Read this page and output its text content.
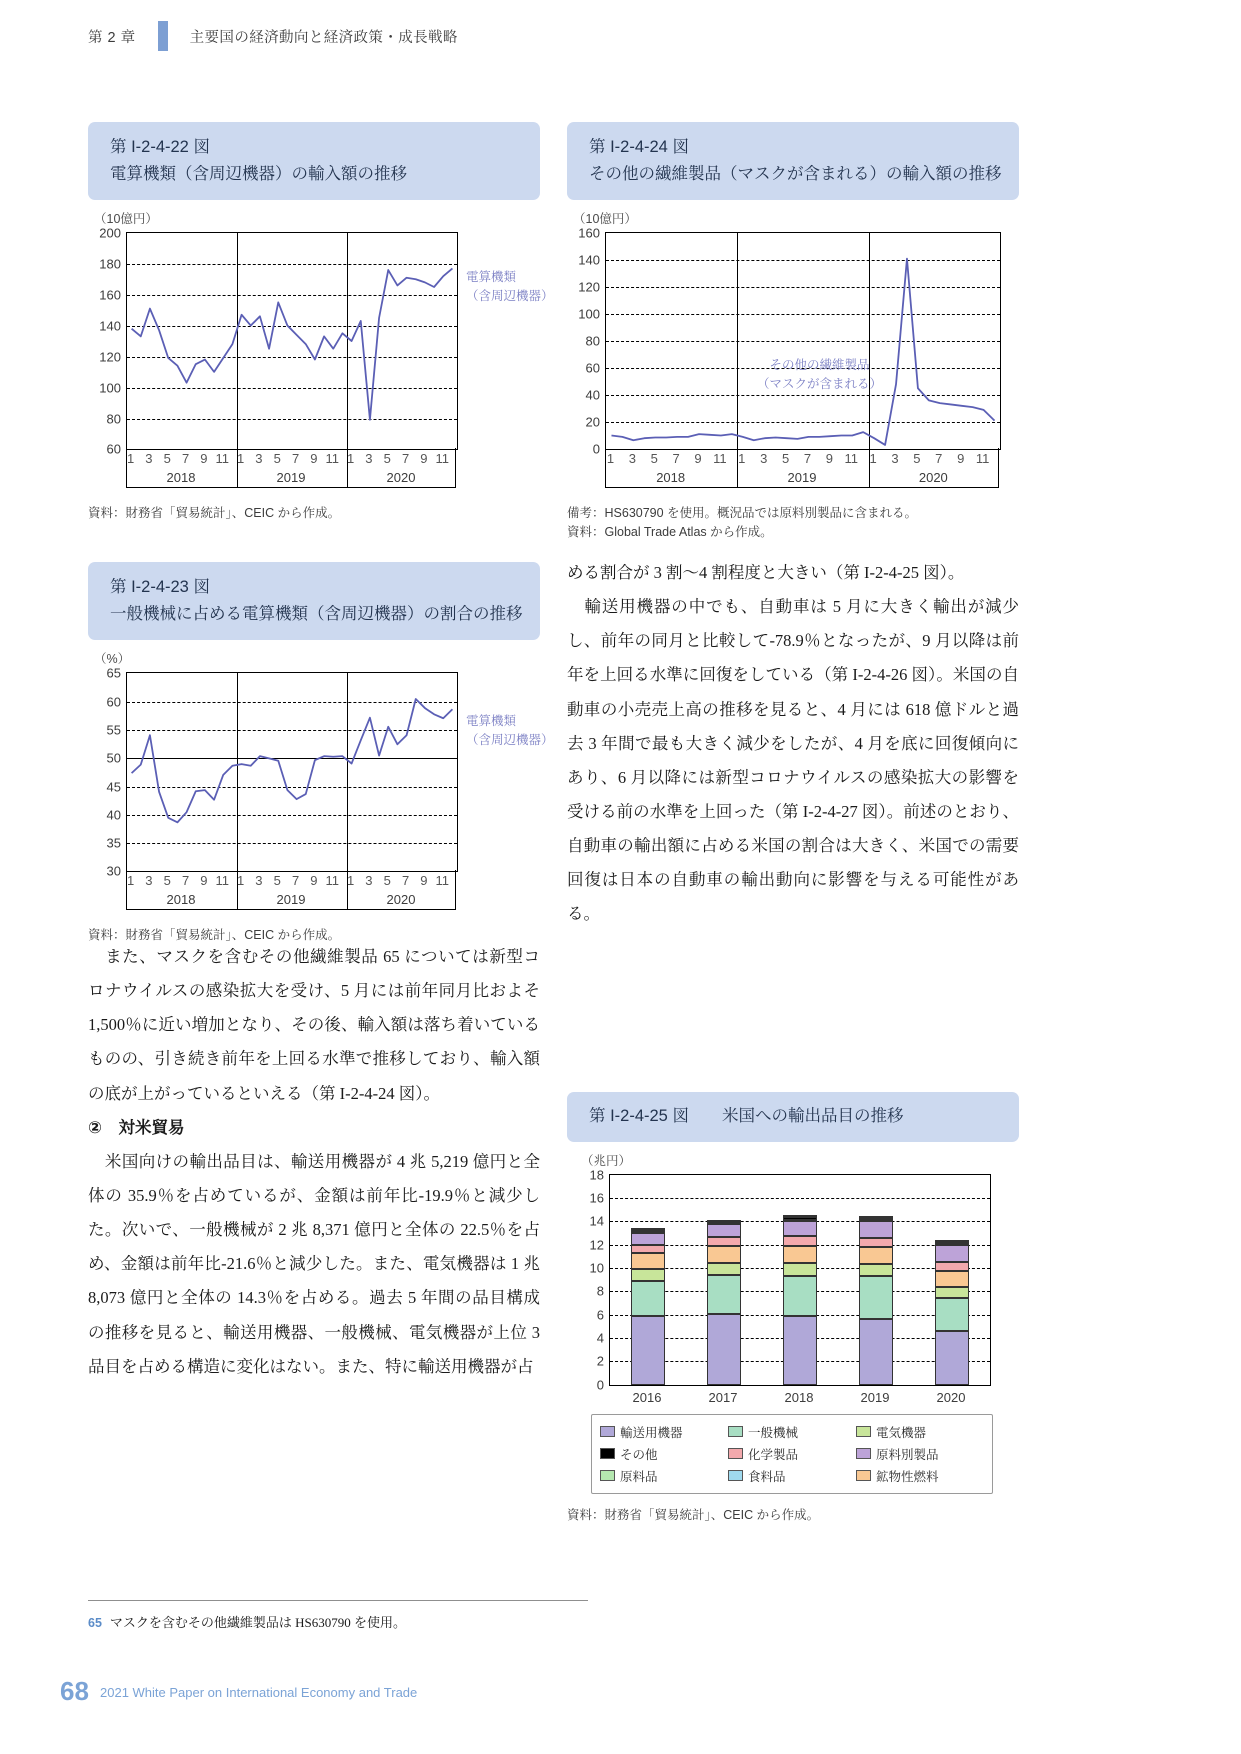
第 2 章	主要国の経済動向と経済政策・成長戦略
第 I-2-4-22 図
電算機類（含周辺機器）の輸入額の推移
（10億円）
60
80
100
120
140
160
180
200
電算機類
（含周辺機器）
1 3 5 7 9 11
2018
1 3 5 7 9 11
2019
1 3 5 7 9 11
2020
資料：財務省「貿易統計」、CEIC から作成。
第 I-2-4-24 図
その他の繊維製品（マスクが含まれる）の輸入額の推移
（10億円）
0
20
40
60
80
100
120
140
160
その他の繊維製品
（マスクが含まれる）
1 3 5 7 9 11
2018
1 3 5 7 9 11
2019
1 3 5 7 9 11
2020
備考：HS630790 を使用。概況品では原料別製品に含まれる。
資料：Global Trade Atlas から作成。
第 I-2-4-23 図
一般機械に占める電算機類（含周辺機器）の割合の推移
（%）
30
35
40
45
50
55
60
65
電算機類
（含周辺機器）
1 3 5 7 9 11
2018
1 3 5 7 9 11
2019
1 3 5 7 9 11
2020
資料：財務省「貿易統計」、CEIC から作成。

　また、マスクを含むその他繊維製品 65 については新型コロナウイルスの感染拡大を受け、5 月には前年同月比およそ 1,500％に近い増加となり、その後、輸入額は落ち着いているものの、引き続き前年を上回る水準で推移しており、輸入額の底が上がっているといえる（第 I-2-4-24 図）。

②　対米貿易

　米国向けの輸出品目は、輸送用機器が 4 兆 5,219 億円と全体の 35.9％を占めているが、金額は前年比-19.9％と減少した。次いで、一般機械が 2 兆 8,371 億円と全体の 22.5％を占め、金額は前年比-21.6％と減少した。また、電気機器は 1 兆 8,073 億円と全体の 14.3％を占める。過去 5 年間の品目構成の推移を見ると、輸送用機器、一般機械、電気機器が上位 3 品目を占める構造に変化はない。また、特に輸送用機器が占

める割合が 3 割～4 割程度と大きい（第 I-2-4-25 図）。

　輸送用機器の中でも、自動車は 5 月に大きく輸出が減少し、前年の同月と比較して-78.9％となったが、9 月以降は前年を上回る水準に回復をしている（第 I-2-4-26 図）。米国の自動車の小売売上高の推移を見ると、4 月には 618 億ドルと過去 3 年間で最も大きく減少をしたが、4 月を底に回復傾向にあり、6 月以降には新型コロナウイルスの感染拡大の影響を受ける前の水準を上回った（第 I-2-4-27 図）。前述のとおり、自動車の輸出額に占める米国の割合は大きく、米国での需要回復は日本の自動車の輸出動向に影響を与える可能性がある。

第 I-2-4-25 図　　 米国への輸出品目の推移
（兆円）
0
2
4
6
8
10
12
14
16
18
2016	2017	2018	2019	2020
輸送用機器	一般機械	電気機器
その他	化学製品	原料別製品
原料品	食料品	鉱物性燃料
資料：財務省「貿易統計」、CEIC から作成。
65 マスクを含むその他繊維製品は HS630790 を使用。
68 2021 White Paper on International Economy and Trade
